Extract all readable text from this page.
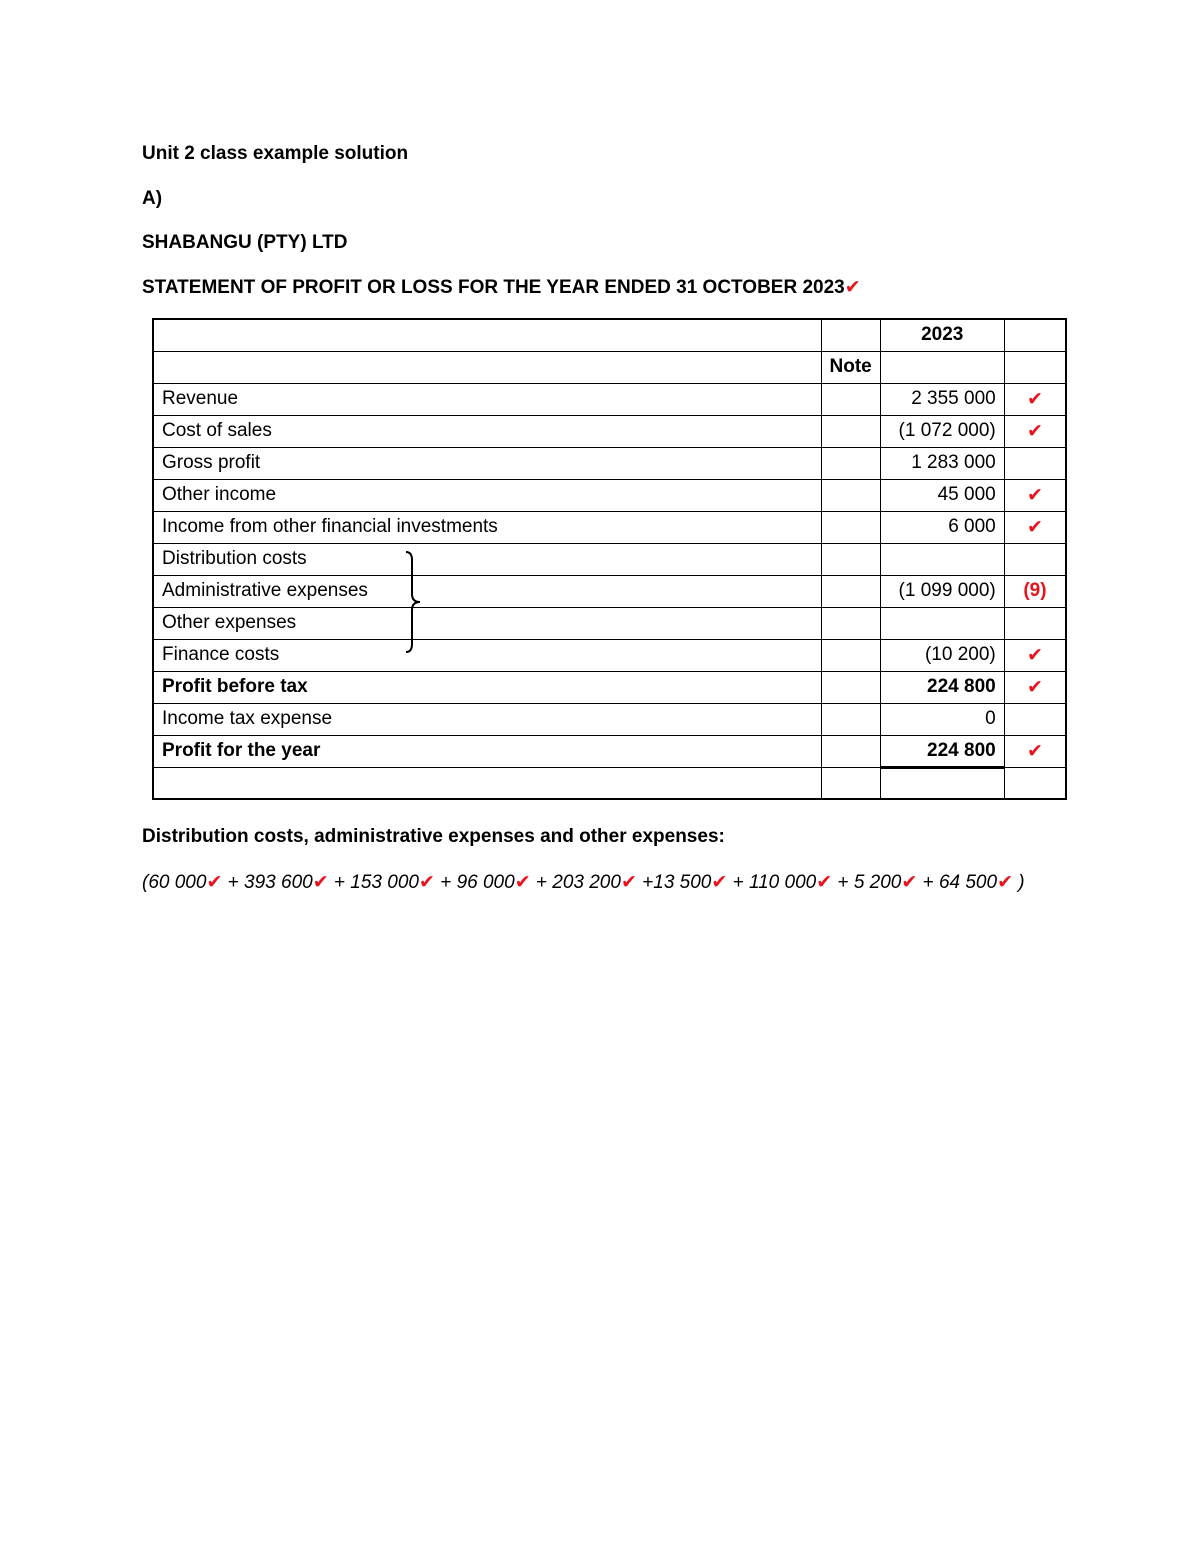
Unit 2 class example solution
A)
SHABANGU (PTY) LTD
STATEMENT OF PROFIT OR LOSS FOR THE YEAR ENDED 31 OCTOBER 2023✔
		2023	
	Note		
Revenue		2 355 000	✔
Cost of sales		(1 072 000)	✔
Gross profit		1 283 000	
Other income		45 000	✔
Income from other financial investments		6 000	✔
Distribution costs			
Administrative expenses		(1 099 000)	(9)
Other expenses			
Finance costs		(10 200)	✔
Profit before tax		224 800	✔
Income tax expense		0	
Profit for the year		224 800	✔

Distribution costs, administrative expenses and other expenses:
(60 000✔ + 393 600✔ + 153 000✔ + 96 000✔ + 203 200✔ +13 500✔ + 110 000✔ + 5 200✔ + 64 500✔ )
